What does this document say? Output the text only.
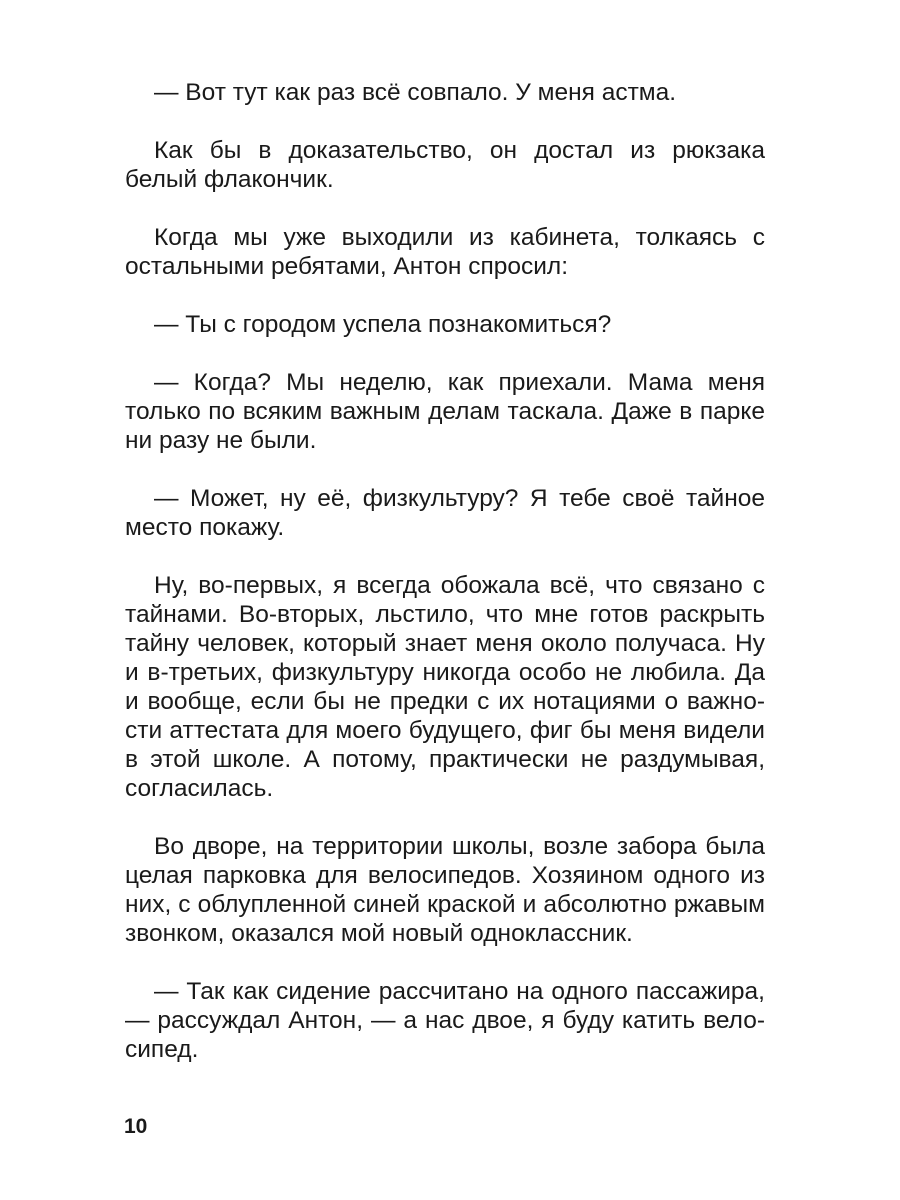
— Вот тут как раз всё совпало. У меня астма.

Как бы в доказательство, он достал из рюкзака белый флакончик.

Когда мы уже выходили из кабинета, толкаясь с остальными ребятами, Антон спросил:

— Ты с городом успела познакомиться?

— Когда? Мы неделю, как приехали. Мама меня только по всяким важным делам таскала. Даже в парке ни разу не были.

— Может, ну её, физкультуру? Я тебе своё тайное место покажу.

Ну, во-первых, я всегда обожала всё, что связано с тайнами. Во-вторых, льстило, что мне готов раскрыть тайну человек, который знает меня около получаса. Ну и в-третьих, физкультуру никогда особо не любила. Да и вообще, если бы не предки с их нотациями о важности аттестата для моего будущего, фиг бы меня видели в этой школе. А потому, практически не раздумывая, согласилась.

Во дворе, на территории школы, возле забора была целая парковка для велосипедов. Хозяином одного из них, с облупленной синей краской и абсолютно ржавым звонком, оказался мой новый одноклассник.

— Так как сидение рассчитано на одного пассажира, — рассуждал Антон, — а нас двое, я буду катить велосипед.

10
